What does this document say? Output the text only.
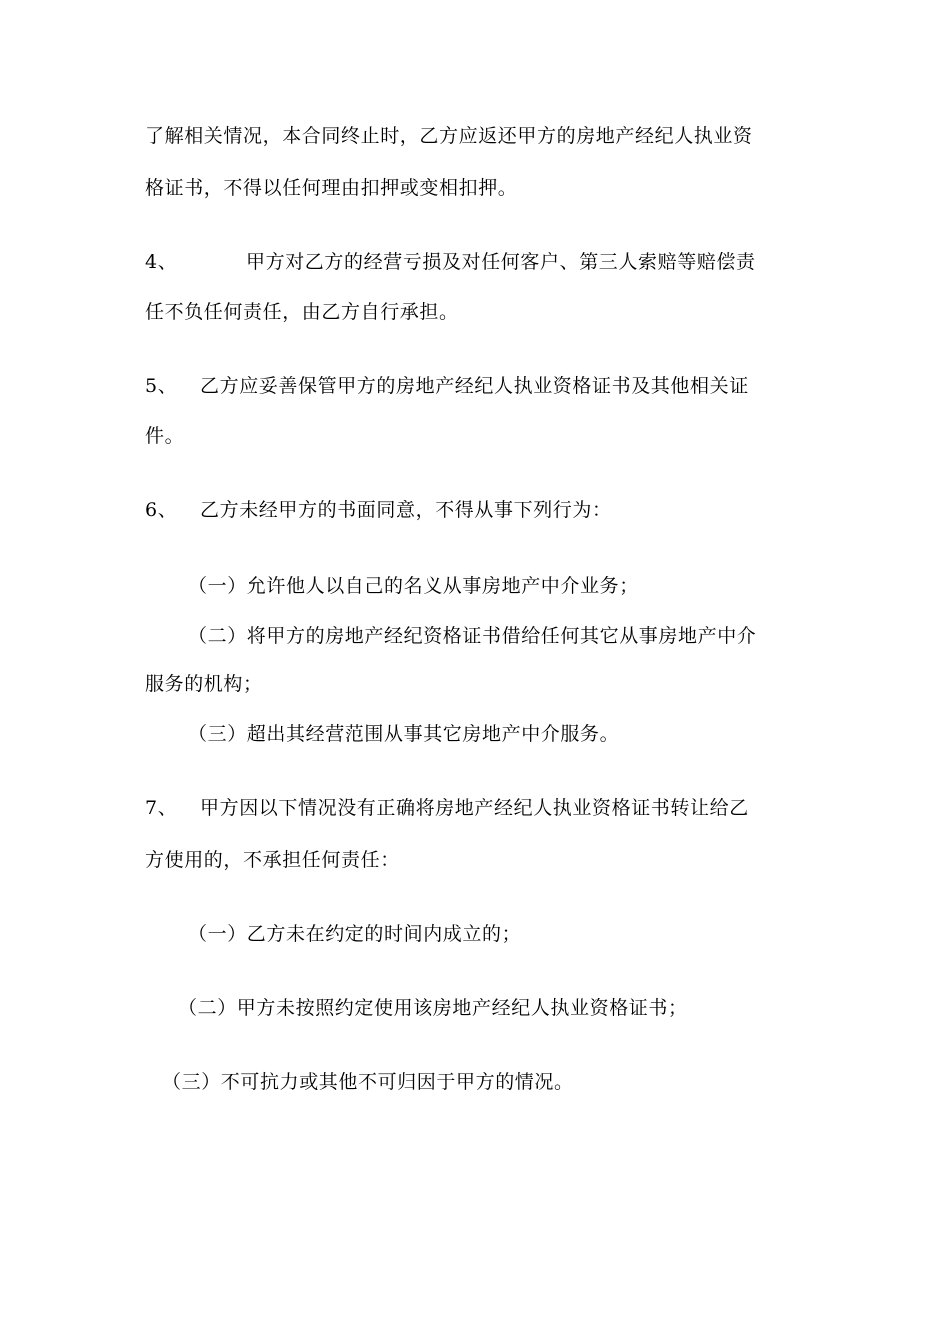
了解相关情况，本合同终止时，乙方应返还甲方的房地产经纪人执业资
格证书，不得以任何理由扣押或变相扣押。
4、	甲方对乙方的经营亏损及对任何客户、第三人索赔等赔偿责
任不负任何责任，由乙方自行承担。
5、 乙方应妥善保管甲方的房地产经纪人执业资格证书及其他相关证
件。
6、 乙方未经甲方的书面同意，不得从事下列行为：
（一）允许他人以自己的名义从事房地产中介业务；
（二）将甲方的房地产经纪资格证书借给任何其它从事房地产中介
服务的机构；
（三）超出其经营范围从事其它房地产中介服务。
7、 甲方因以下情况没有正确将房地产经纪人执业资格证书转让给乙
方使用的，不承担任何责任：
（一）乙方未在约定的时间内成立的；
（二）甲方未按照约定使用该房地产经纪人执业资格证书；
（三）不可抗力或其他不可归因于甲方的情况。
